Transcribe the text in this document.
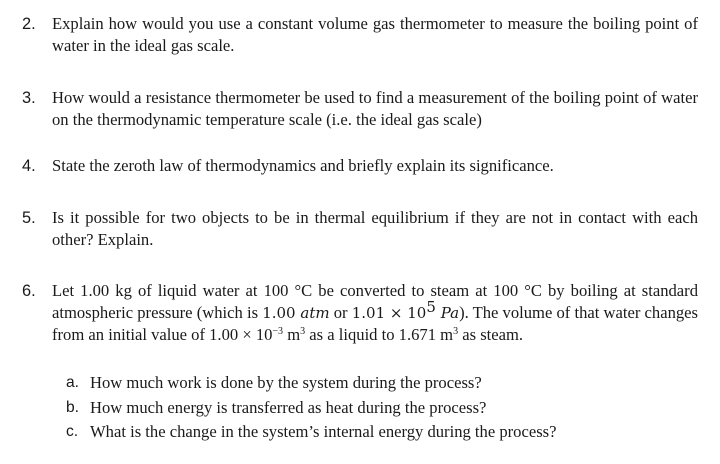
2. Explain how would you use a constant volume gas thermometer to measure the boiling point of water in the ideal gas scale.
3. How would a resistance thermometer be used to find a measurement of the boiling point of water on the thermodynamic temperature scale (i.e. the ideal gas scale)
4. State the zeroth law of thermodynamics and briefly explain its significance.
5. Is it possible for two objects to be in thermal equilibrium if they are not in contact with each other? Explain.
6. Let 1.00 kg of liquid water at 100 °C be converted to steam at 100 °C by boiling at standard atmospheric pressure (which is 1.00 atm or $1.01 \times 10^5$ Pa). The volume of that water changes from an initial value of $1.00 \times 10^{-3}$ $m^3$ as a liquid to 1.671 $m^3$ as steam.
a. How much work is done by the system during the process?
b. How much energy is transferred as heat during the process?
c. What is the change in the system’s internal energy during the process?
